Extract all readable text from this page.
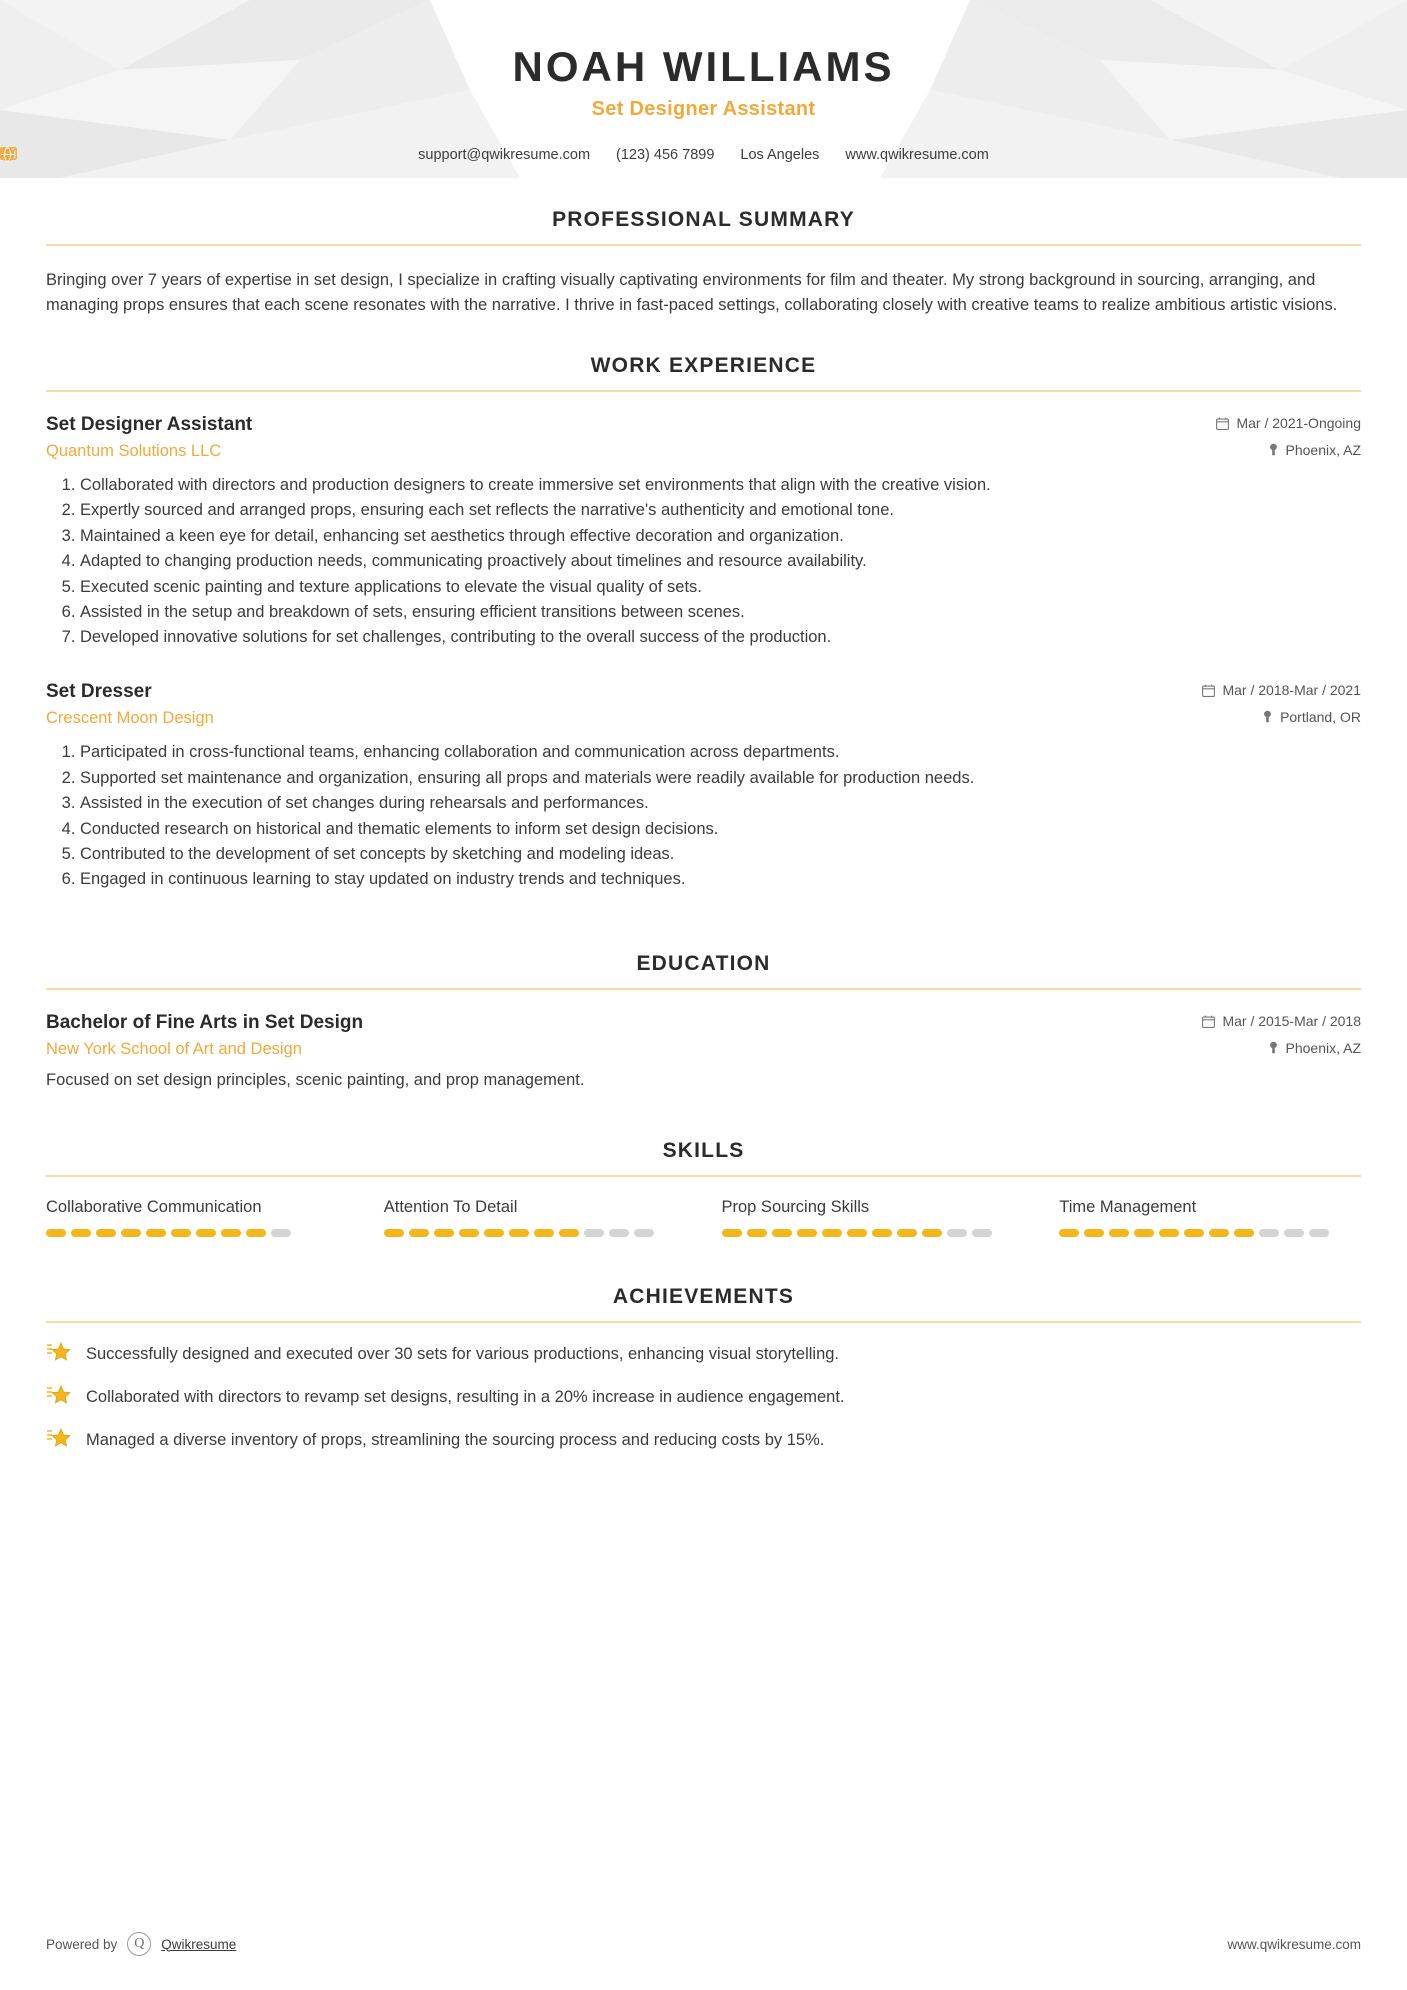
NOAH WILLIAMS
Set Designer Assistant
support@qwikresume.com (123) 456 7899 Los Angeles www.qwikresume.com
PROFESSIONAL SUMMARY
Bringing over 7 years of expertise in set design, I specialize in crafting visually captivating environments for film and theater. My strong background in sourcing, arranging, and managing props ensures that each scene resonates with the narrative. I thrive in fast-paced settings, collaborating closely with creative teams to realize ambitious artistic visions.
WORK EXPERIENCE
Set Designer Assistant	Mar / 2021-Ongoing
Quantum Solutions LLC	Phoenix, AZ
1. Collaborated with directors and production designers to create immersive set environments that align with the creative vision.
2. Expertly sourced and arranged props, ensuring each set reflects the narrative's authenticity and emotional tone.
3. Maintained a keen eye for detail, enhancing set aesthetics through effective decoration and organization.
4. Adapted to changing production needs, communicating proactively about timelines and resource availability.
5. Executed scenic painting and texture applications to elevate the visual quality of sets.
6. Assisted in the setup and breakdown of sets, ensuring efficient transitions between scenes.
7. Developed innovative solutions for set challenges, contributing to the overall success of the production.
Set Dresser	Mar / 2018-Mar / 2021
Crescent Moon Design	Portland, OR
1. Participated in cross-functional teams, enhancing collaboration and communication across departments.
2. Supported set maintenance and organization, ensuring all props and materials were readily available for production needs.
3. Assisted in the execution of set changes during rehearsals and performances.
4. Conducted research on historical and thematic elements to inform set design decisions.
5. Contributed to the development of set concepts by sketching and modeling ideas.
6. Engaged in continuous learning to stay updated on industry trends and techniques.
EDUCATION
Bachelor of Fine Arts in Set Design	Mar / 2015-Mar / 2018
New York School of Art and Design	Phoenix, AZ
Focused on set design principles, scenic painting, and prop management.
SKILLS
Collaborative Communication	Attention To Detail	Prop Sourcing Skills	Time Management
ACHIEVEMENTS
Successfully designed and executed over 30 sets for various productions, enhancing visual storytelling.
Collaborated with directors to revamp set designs, resulting in a 20% increase in audience engagement.
Managed a diverse inventory of props, streamlining the sourcing process and reducing costs by 15%.
Powered by	Q	Qwikresume	www.qwikresume.com
